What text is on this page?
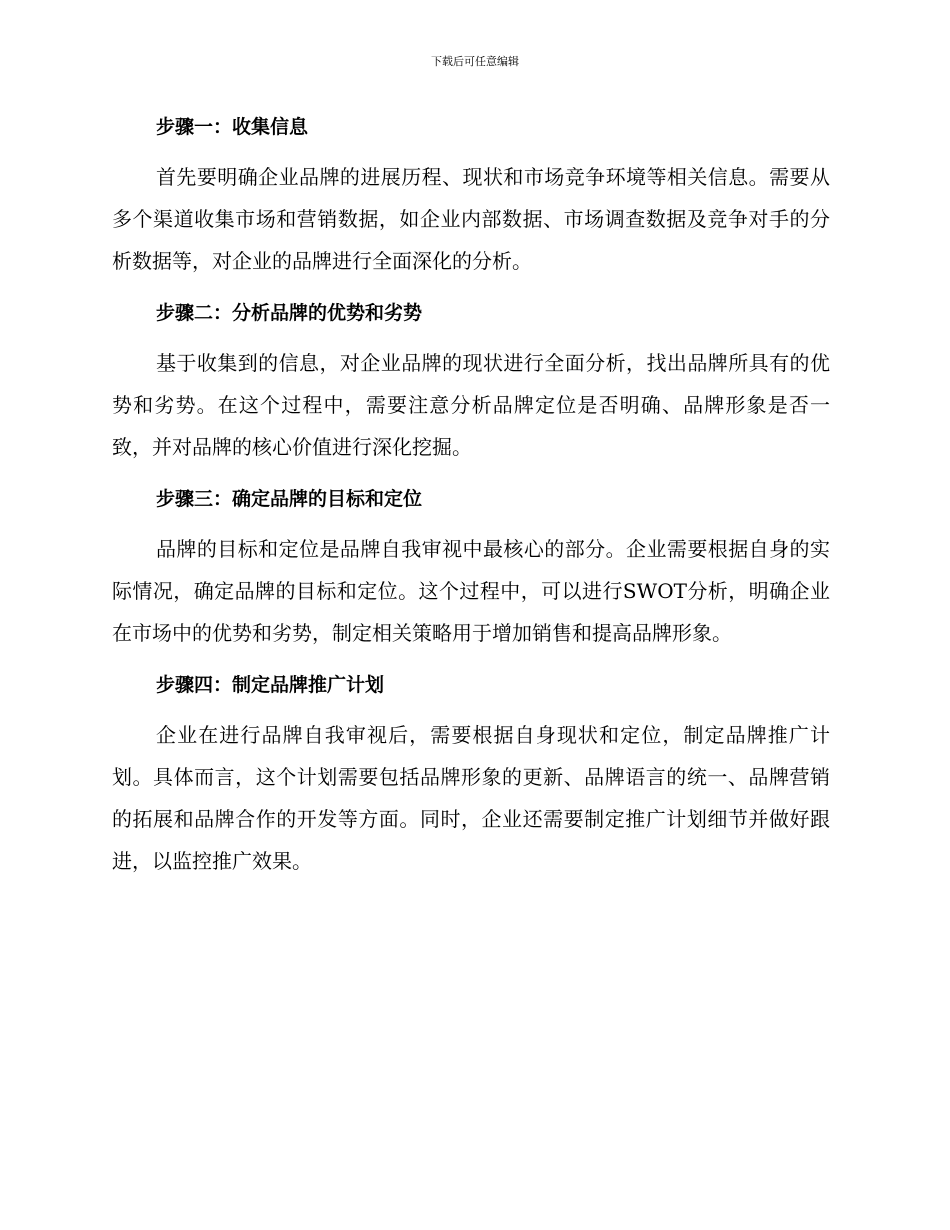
下载后可任意编辑
步骤一：收集信息

首先要明确企业品牌的进展历程、现状和市场竞争环境等相关信息。需要从多个渠道收集市场和营销数据，如企业内部数据、市场调查数据及竞争对手的分析数据等，对企业的品牌进行全面深化的分析。

步骤二：分析品牌的优势和劣势

基于收集到的信息，对企业品牌的现状进行全面分析，找出品牌所具有的优势和劣势。在这个过程中，需要注意分析品牌定位是否明确、品牌形象是否一致，并对品牌的核心价值进行深化挖掘。

步骤三：确定品牌的目标和定位

品牌的目标和定位是品牌自我审视中最核心的部分。企业需要根据自身的实际情况，确定品牌的目标和定位。这个过程中，可以进行SWOT分析，明确企业在市场中的优势和劣势，制定相关策略用于增加销售和提高品牌形象。

步骤四：制定品牌推广计划

企业在进行品牌自我审视后，需要根据自身现状和定位，制定品牌推广计划。具体而言，这个计划需要包括品牌形象的更新、品牌语言的统一、品牌营销的拓展和品牌合作的开发等方面。同时，企业还需要制定推广计划细节并做好跟进，以监控推广效果。
